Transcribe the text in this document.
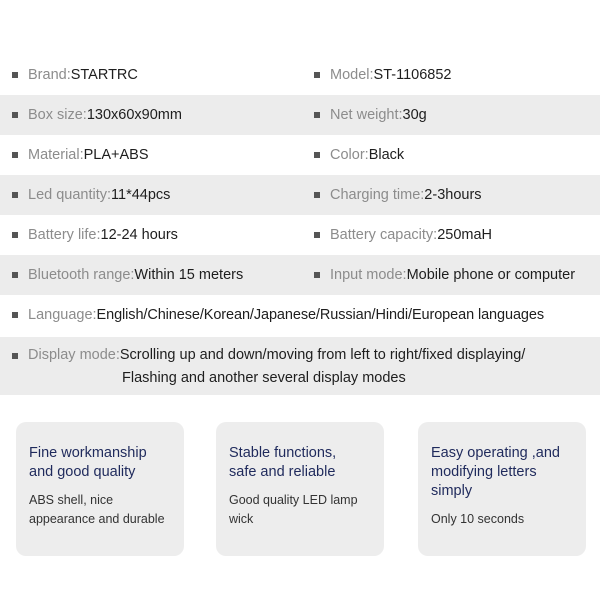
Brand: STARTRC	Model: ST-1106852
Box size: 130x60x90mm	Net weight: 30g
Material: PLA+ABS	Color: Black
Led quantity: 11*44pcs	Charging time: 2-3hours
Battery life: 12-24 hours	Battery capacity: 250maH
Bluetooth range: Within 15 meters	Input mode: Mobile phone or computer
Language: English/Chinese/Korean/Japanese/Russian/Hindi/European languages
Display mode: Scrolling up and down/moving from left to right/fixed displaying/
Flashing and another several display modes
Fine workmanship
and good quality
ABS shell, nice
appearance and durable
Stable functions,
safe and reliable
Good quality LED lamp
wick
Easy operating ,and
modifying letters
simply
Only 10 seconds
